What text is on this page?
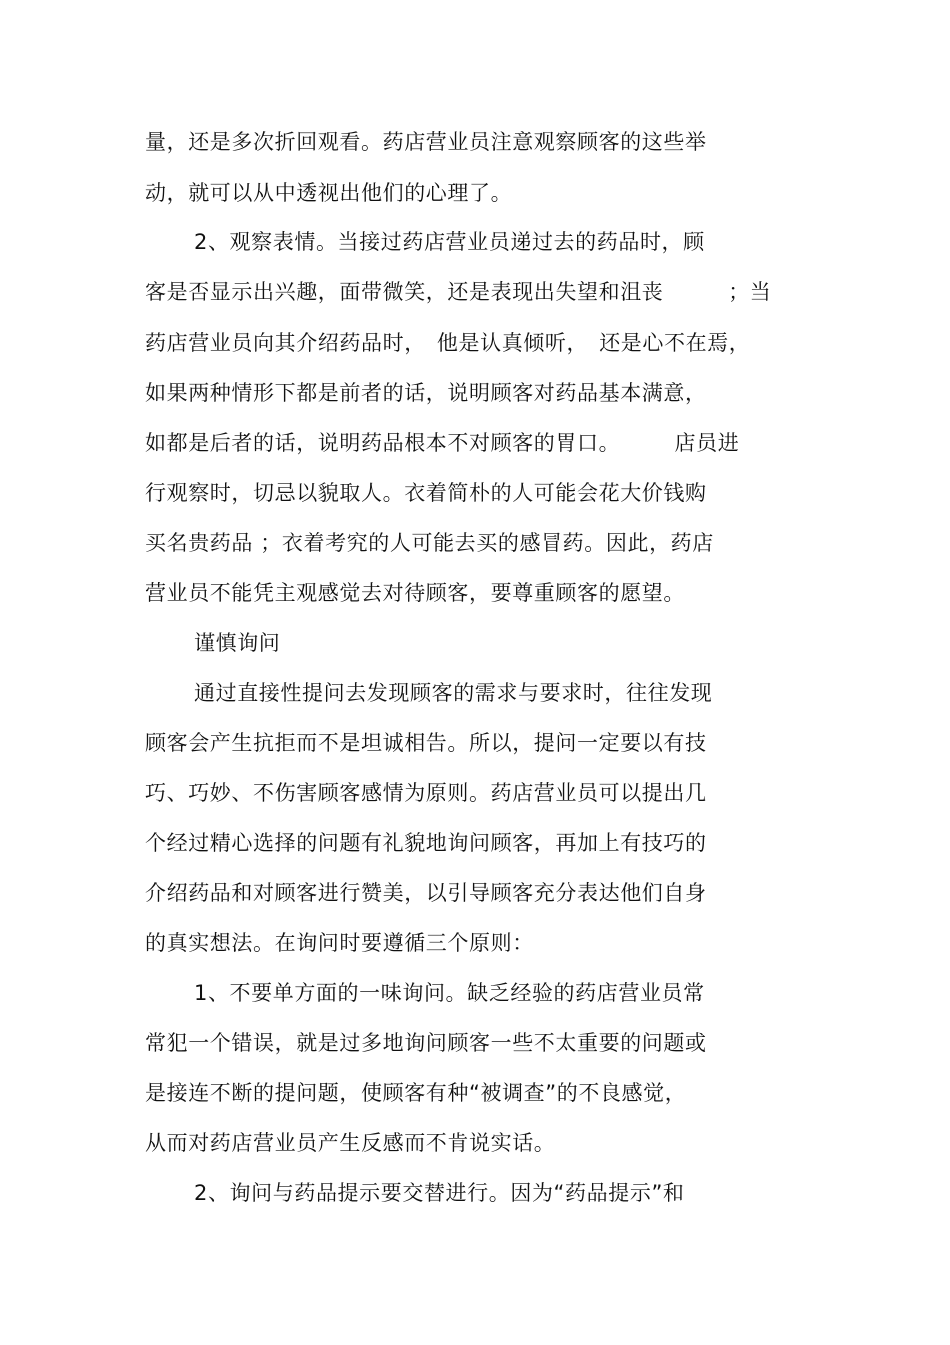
量，还是多次折回观看。药店营业员注意观察顾客的这些举
动，就可以从中透视出他们的心理了。
2、观察表情。当接过药店营业员递过去的药品时，顾
客是否显示出兴趣，面带微笑，还是表现出失望和沮丧　　　；当
药店营业员向其介绍药品时，　他是认真倾听，　还是心不在焉，
如果两种情形下都是前者的话，说明顾客对药品基本满意，
如都是后者的话，说明药品根本不对顾客的胃口。　　　店员进
行观察时，切忌以貌取人。衣着简朴的人可能会花大价钱购
买名贵药品 ；衣着考究的人可能去买的感冒药。因此，药店
营业员不能凭主观感觉去对待顾客，要尊重顾客的愿望。
谨慎询问
通过直接性提问去发现顾客的需求与要求时，往往发现
顾客会产生抗拒而不是坦诚相告。所以，提问一定要以有技
巧、巧妙、不伤害顾客感情为原则。药店营业员可以提出几
个经过精心选择的问题有礼貌地询问顾客，再加上有技巧的
介绍药品和对顾客进行赞美，以引导顾客充分表达他们自身
的真实想法。在询问时要遵循三个原则：
1、不要单方面的一味询问。缺乏经验的药店营业员常
常犯一个错误，就是过多地询问顾客一些不太重要的问题或
是接连不断的提问题，使顾客有种“被调查”的不良感觉，
从而对药店营业员产生反感而不肯说实话。
2、询问与药品提示要交替进行。因为“药品提示”和
